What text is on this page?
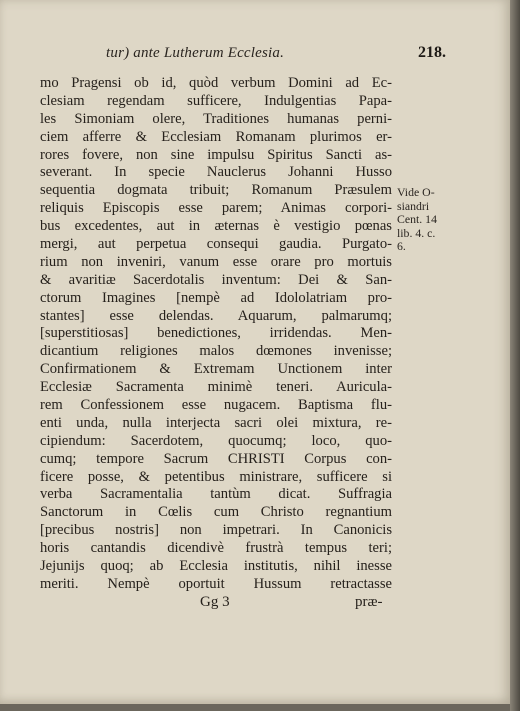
tur) ante Lutherum Ecclesia.	218.
mo Pragensi ob id, quòd verbum Domini ad Ec-
clesiam regendam sufficere, Indulgentias Papa-
les Simoniam olere, Traditiones humanas perni-
ciem afferre & Ecclesiam Romanam plurimos er-
rores fovere, non sine impulsu Spiritus Sancti as-
severant. In specie Nauclerus Johanni Husso
sequentia dogmata tribuit; Romanum Præsulem
reliquis Episcopis esse parem; Animas corpori-
bus excedentes, aut in æternas è vestigio pœnas
mergi, aut perpetua consequi gaudia. Purgato-
rium non inveniri, vanum esse orare pro mortuis
& avaritiæ Sacerdotalis inventum: Dei & San-
ctorum Imagines [nempè ad Idololatriam pro-
stantes] esse delendas. Aquarum, palmarumq;
[superstitiosas] benedictiones, irridendas. Men-
dicantium religiones malos dœmones invenisse;
Confirmationem & Extremam Unctionem inter
Ecclesiæ Sacramenta minimè teneri. Auricula-
rem Confessionem esse nugacem. Baptisma flu-
enti unda, nulla interjecta sacri olei mixtura, re-
cipiendum: Sacerdotem, quocumq; loco, quo-
cumq; tempore Sacrum CHRISTI Corpus con-
ficere posse, & petentibus ministrare, sufficere si
verba Sacramentalia tantùm dicat. Suffragia
Sanctorum in Cœlis cum Christo regnantium
[precibus nostris] non impetrari. In Canonicis
horis cantandis dicendivè frustrà tempus teri;
Jejunijs quoq; ab Ecclesia institutis, nihil inesse
meriti. Nempè oportuit Hussum retractasse
Vide O-
siandri
Cent. 14
lib. 4. c.
6.
Gg 3	præ-
